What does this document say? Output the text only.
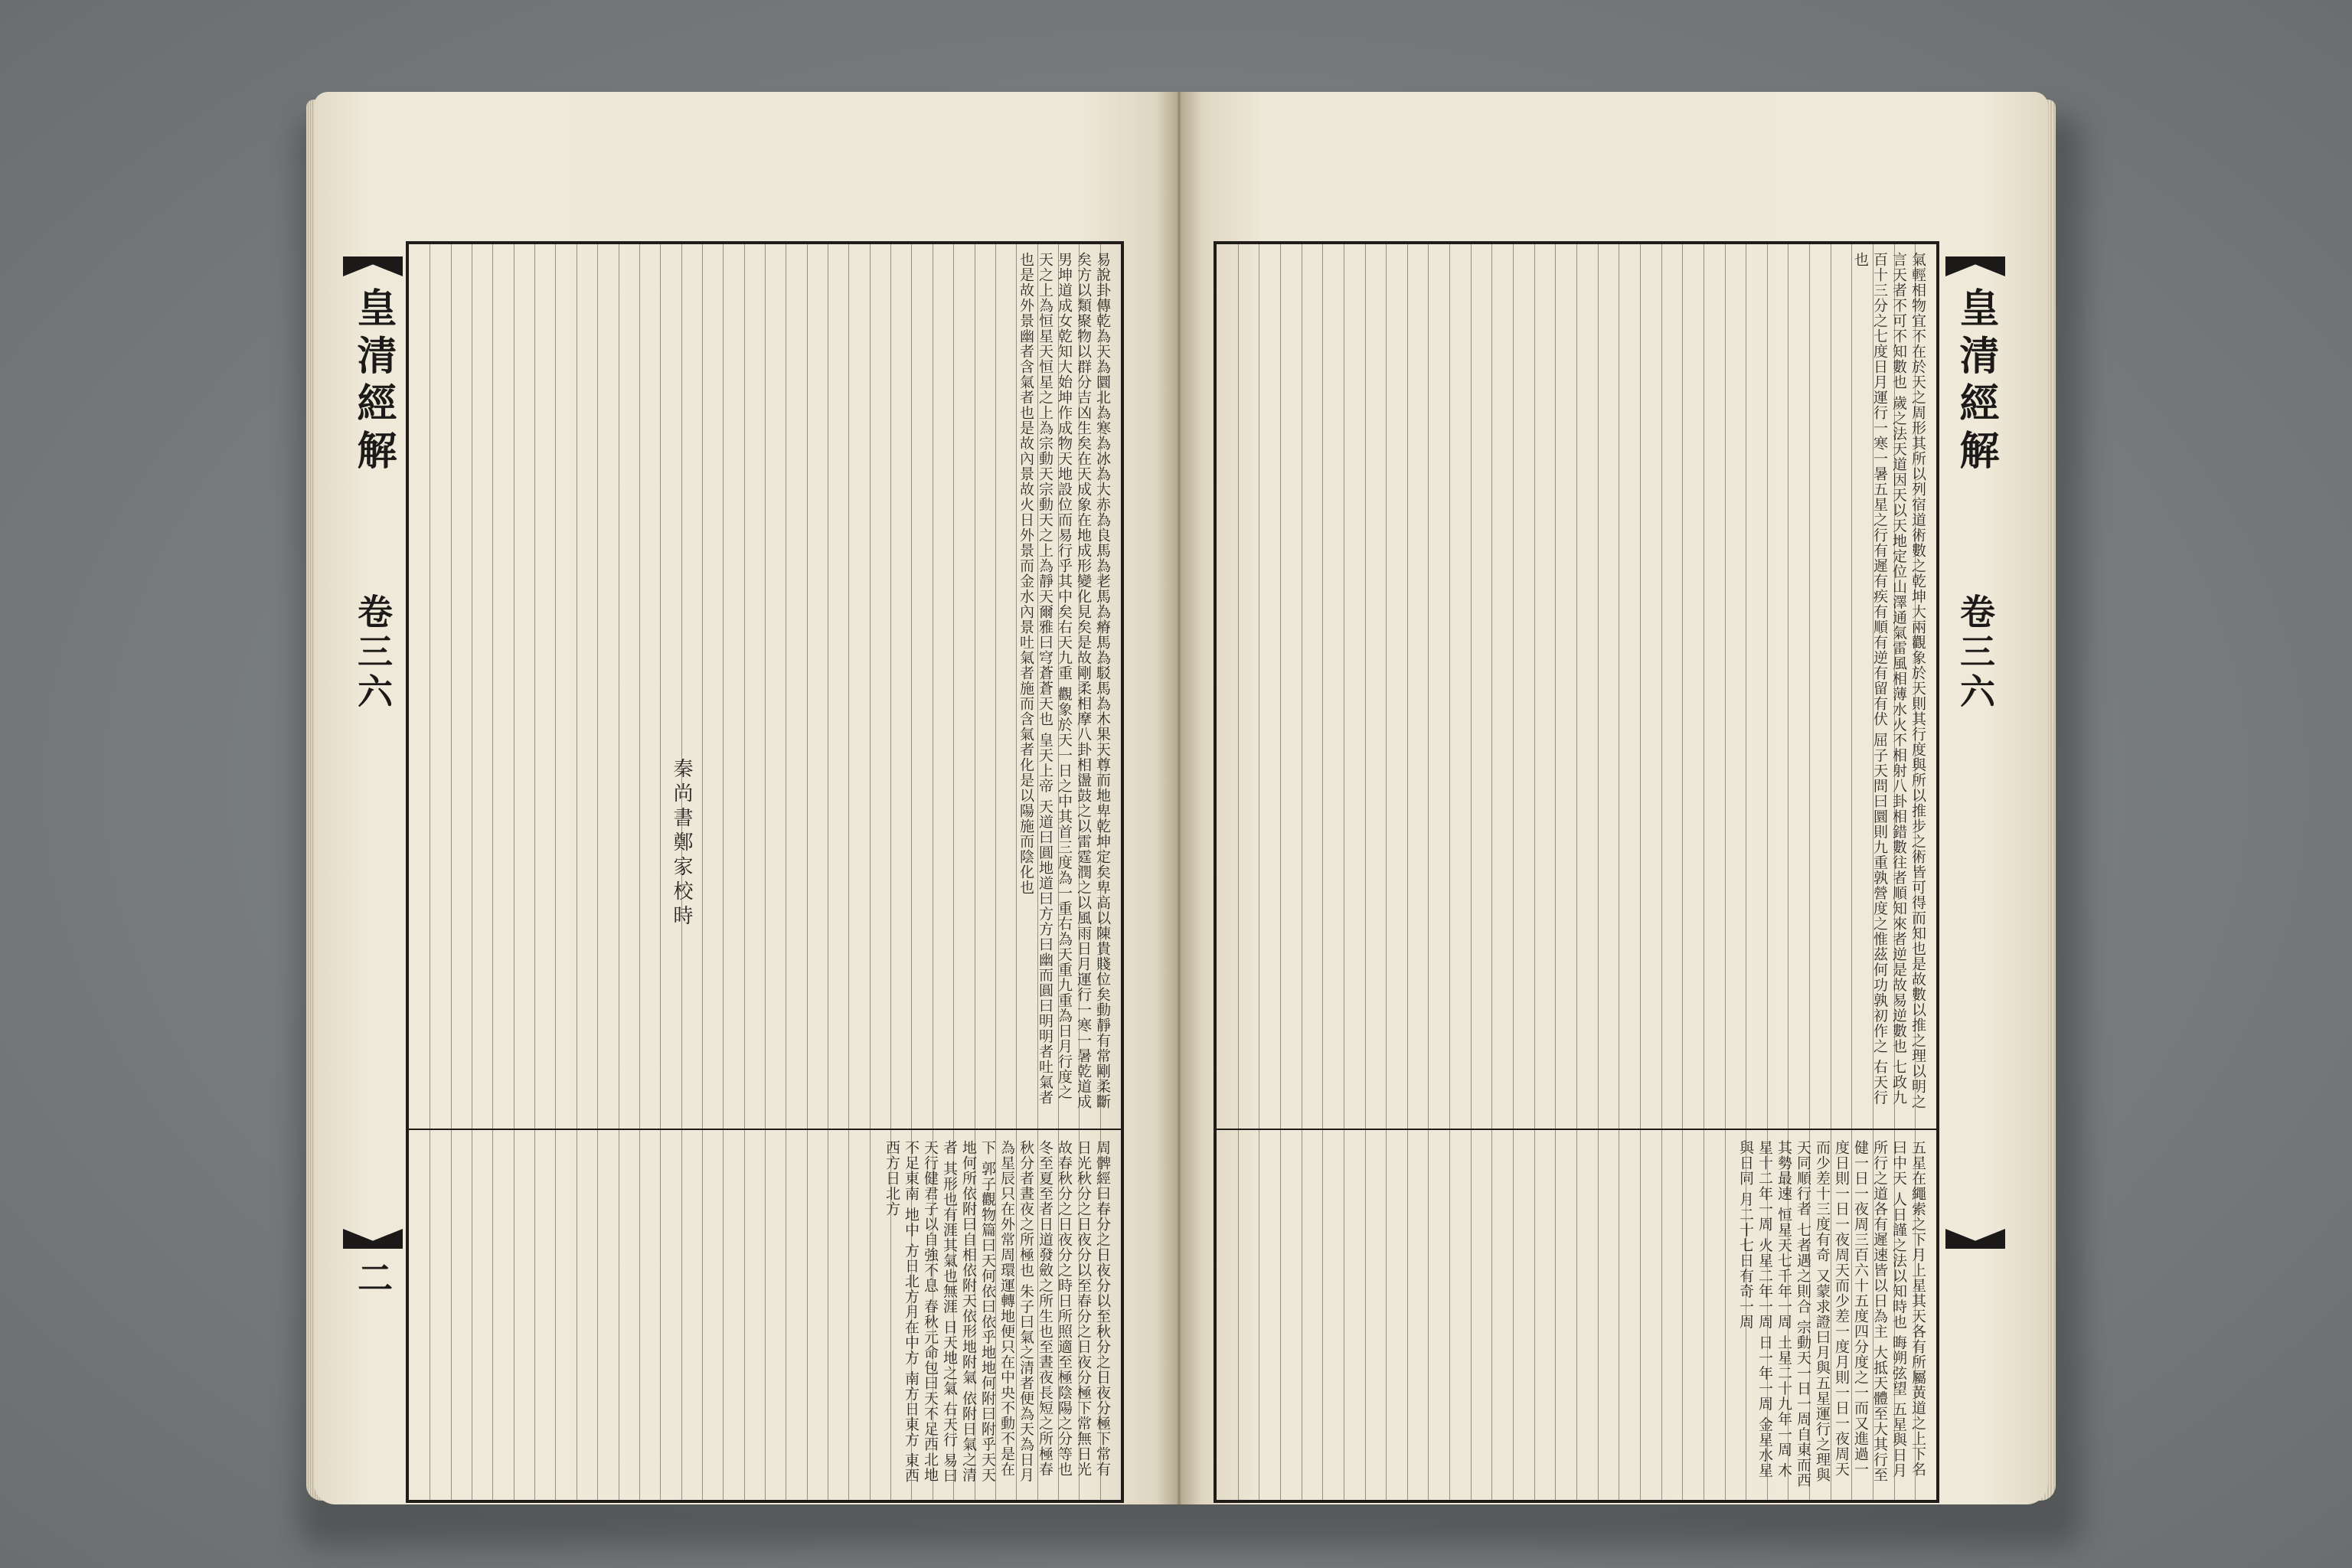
皇清經解
卷三六
二
易說卦傳乾為天為圜北為寒為冰為大赤為良馬為老馬為瘠馬為駁馬為木果天尊而地卑乾坤定矣卑高以陳貴賤位矣動靜有常剛柔斷矣方以類聚物以群分吉凶生矣在天成象在地成形變化見矣是故剛柔相摩八卦相盪鼓之以雷霆潤之以風雨日月運行一寒一暑乾道成男坤道成女乾知大始坤作成物天地設位而易行乎其中矣右天九重 觀象於天一日之中其首三度為一重右為天重九重為日月行度之天之上為恒星天恒星之上為宗動天宗動天之上為靜天爾雅曰穹蒼蒼天也 皇天上帝 天道曰圓地道曰方方曰幽而圓曰明明者吐氣者也是故外景幽者含氣者也是故內景故火日外景而金水內景吐氣者施而含氣者化是以陽施而陰化也
周髀經曰春分之日夜分以至秋分之日夜分極下常有日光秋分之日夜分以至春分之日夜分極下常無日光故春秋分之日夜分之時日所照適至極陰陽之分等也冬至夏至者日道發斂之所生也至晝夜長短之所極春秋分者晝夜之所極也 朱子曰氣之清者便為天為日月為星辰只在外常周環運轉地便只在中央不動不是在下 郭子觀物篇曰天何依曰依乎地地何附曰附乎天天地何所依附曰自相依附天依形地附氣 依附日氣之清者 其形也有涯其氣也無涯 日天地之氣 右天行 易曰天行健君子以自強不息 春秋元命包曰天不足西北地不足東南 地中 方日北方月在中方 南方日東方 東西 西方日北方
秦尚書鄭家校時	氣輕相物宜不在於天之周形其所以列宿道術數之乾坤大兩觀象於天則其行度與所以推步之術皆可得而知也是故數以推之理以明之言天者不可不知數也 歲之法天道因天以天地定位山澤通氣雷風相薄水火不相射八卦相錯數往者順知來者逆是故易逆數也 七政九百十三分之七度日月運行一寒一暑五星之行有遲有疾有順有逆有留有伏 屈子天問曰圜則九重孰營度之惟茲何功孰初作之 右天行 也
五星在繩索之下月上星其天各有所屬黃道之上下名曰中天 人日謹之法以知時也 晦朔弦望 五星與日月所行之道各有遲速皆以日為主 大抵天體至大其行至健一日一夜周三百六十五度四分度之一而又進過一度日則一日一夜周天而少差一度月則一日一夜周天而少差十三度有奇 又蒙求證曰月與五星運行之理與天同順行者 七者遇之則合 宗動天一日一周自東而西其勢最速 恒星天七千年一周 土星二十九年一周 木星十二年一周 火星二年一周 日一年一周 金星水星與日同 月二十七日有奇一周
皇清經解
卷三六
